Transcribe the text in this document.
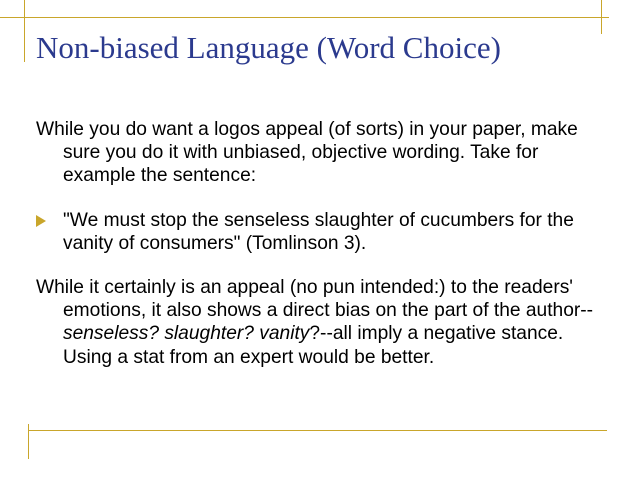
Non-biased Language (Word Choice)

While you do want a logos appeal (of sorts) in your paper, make sure you do it with unbiased, objective wording. Take for example the sentence:

"We must stop the senseless slaughter of cucumbers for the vanity of consumers" (Tomlinson 3).

While it certainly is an appeal (no pun intended:) to the readers' emotions, it also shows a direct bias on the part of the author--senseless? slaughter? vanity?--all imply a negative stance. Using a stat from an expert would be better.
